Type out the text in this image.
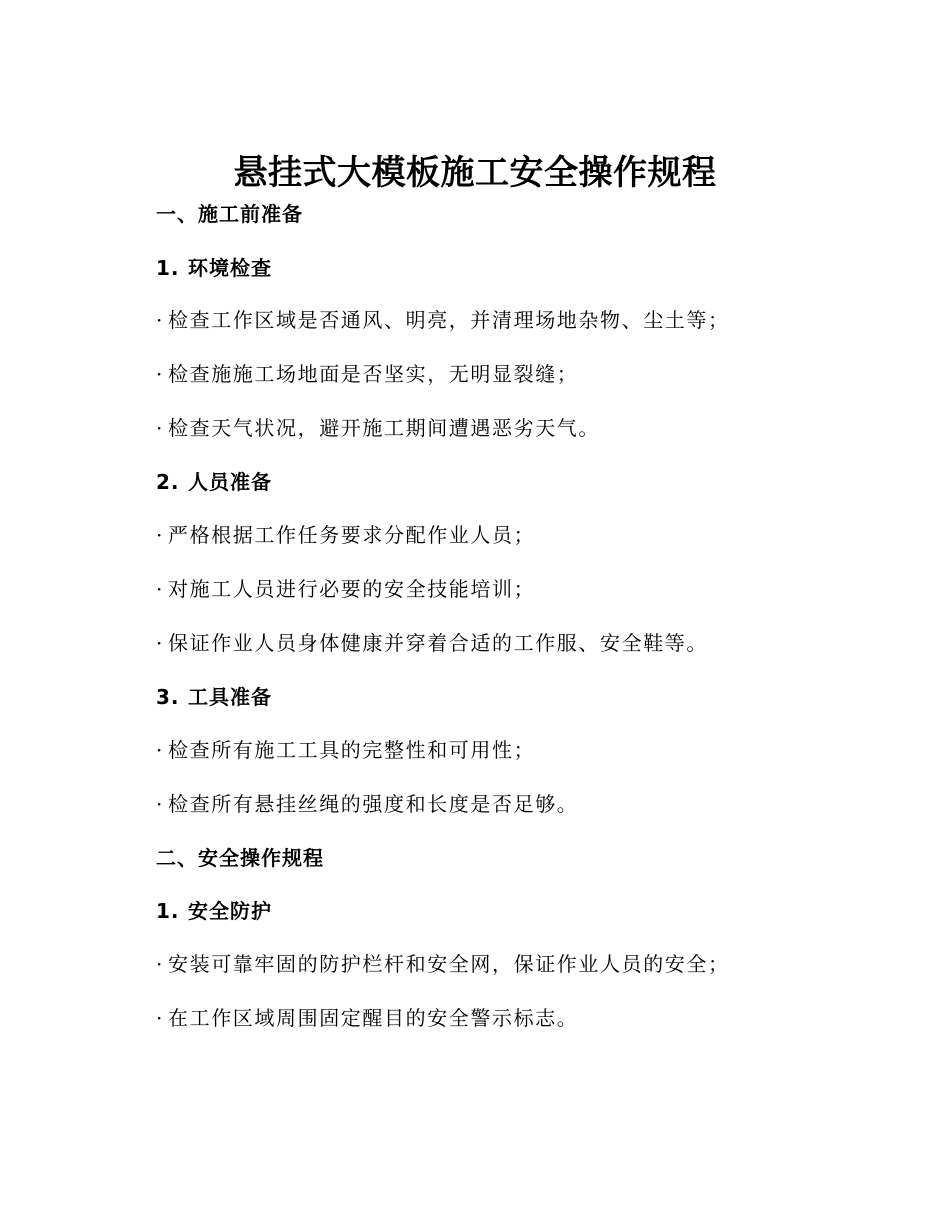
悬挂式大模板施工安全操作规程

一、施工前准备

1. 环境检查

· 检查工作区域是否通风、明亮，并清理场地杂物、尘土等；

· 检查施施工场地面是否坚实，无明显裂缝；

· 检查天气状况，避开施工期间遭遇恶劣天气。

2. 人员准备

· 严格根据工作任务要求分配作业人员；

· 对施工人员进行必要的安全技能培训；

· 保证作业人员身体健康并穿着合适的工作服、安全鞋等。

3. 工具准备

· 检查所有施工工具的完整性和可用性；

· 检查所有悬挂丝绳的强度和长度是否足够。

二、安全操作规程

1. 安全防护

· 安装可靠牢固的防护栏杆和安全网，保证作业人员的安全；

· 在工作区域周围固定醒目的安全警示标志。
